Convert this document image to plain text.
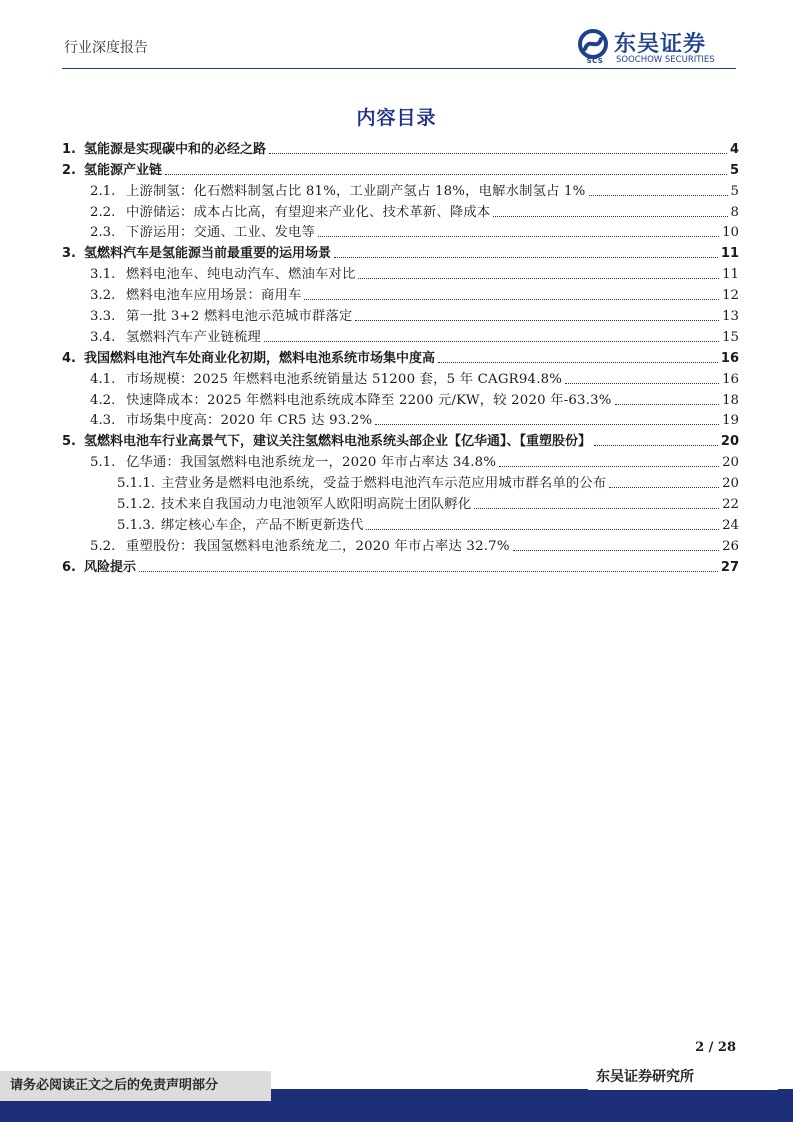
行业深度报告
SCS
东吴证券
SOOCHOW SECURITIES
内容目录
1. 氢能源是实现碳中和的必经之路	4
2. 氢能源产业链	5
2.1. 上游制氢：化石燃料制氢占比 81%，工业副产氢占 18%，电解水制氢占 1%	5
2.2. 中游储运：成本占比高，有望迎来产业化、技术革新、降成本	8
2.3. 下游运用：交通、工业、发电等	10
3. 氢燃料汽车是氢能源当前最重要的运用场景	11
3.1. 燃料电池车、纯电动汽车、燃油车对比	11
3.2. 燃料电池车应用场景：商用车	12
3.3. 第一批 3+2 燃料电池示范城市群落定	13
3.4. 氢燃料汽车产业链梳理	15
4. 我国燃料电池汽车处商业化初期，燃料电池系统市场集中度高	16
4.1. 市场规模：2025 年燃料电池系统销量达 51200 套，5 年 CAGR94.8%	16
4.2. 快速降成本：2025 年燃料电池系统成本降至 2200 元/KW，较 2020 年-63.3%	18
4.3. 市场集中度高：2020 年 CR5 达 93.2%	19
5. 氢燃料电池车行业高景气下，建议关注氢燃料电池系统头部企业【亿华通】、【重塑股份】	20
5.1. 亿华通：我国氢燃料电池系统龙一，2020 年市占率达 34.8%	20
5.1.1. 主营业务是燃料电池系统，受益于燃料电池汽车示范应用城市群名单的公布	20
5.1.2. 技术来自我国动力电池领军人欧阳明高院士团队孵化	22
5.1.3. 绑定核心车企，产品不断更新迭代	24
5.2. 重塑股份：我国氢燃料电池系统龙二，2020 年市占率达 32.7%	26
6. 风险提示	27
2 / 28
请务必阅读正文之后的免责声明部分
东吴证券研究所
